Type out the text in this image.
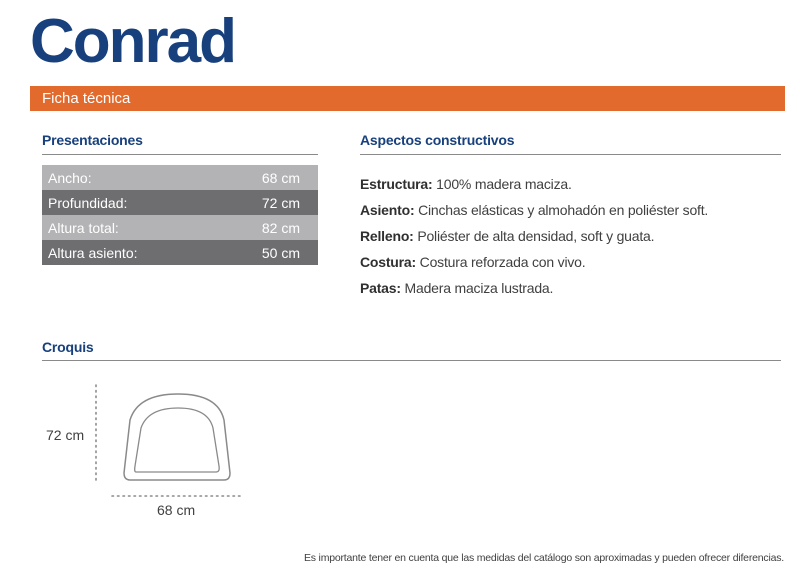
Conrad
Ficha técnica
Presentaciones
Ancho:	68 cm
Profundidad:	72 cm
Altura total:	82 cm
Altura asiento:	50 cm
Aspectos constructivos
Estructura: 100% madera maciza.
Asiento: Cinchas elásticas y almohadón en poliéster soft.
Relleno: Poliéster de alta densidad, soft y guata.
Costura: Costura reforzada con vivo.
Patas: Madera maciza lustrada.
Croquis
72 cm
68 cm
Es importante tener en cuenta que las medidas del catálogo son aproximadas y pueden ofrecer diferencias.
